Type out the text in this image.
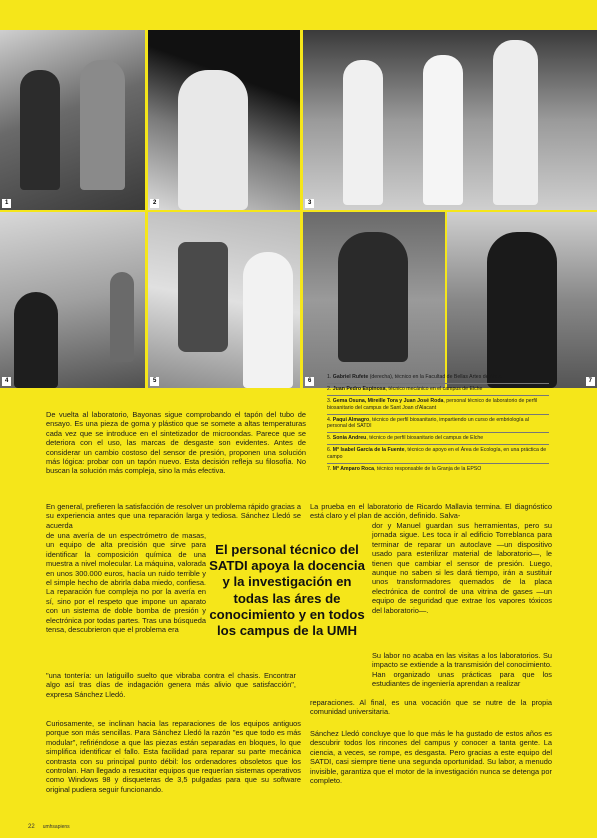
1	2	3
4	5	6	7
1. Gabriel Rufete (derecha), técnico en la Facultad de Bellas Artes de Altea
2. Juan Pedro Espinosa, técnico mecánico en el campus de Elche
3. Gema Osuna, Mireille Tora y Juan José Roda, personal técnico de laboratorio de perfil biosanitario del campus de Sant Joan d'Alacant
4. Paqui Almagro, técnico de perfil biosanitario, impartiendo un curso de embriología al personal del SATDI
5. Sonia Andreu, técnico de perfil biosanitario del campus de Elche
6. Mª Isabel García de la Fuente, técnico de apoyo en el Área de Ecología, en una práctica de campo
7. Mª Amparo Roca, técnico responsable de la Granja de la EPSO

De vuelta al laboratorio, Bayonas sigue comprobando el tapón del tubo de ensayo. Es una pieza de goma y plástico que se somete a altas temperaturas cada vez que se introduce en el sintetizador de microondas. Parece que se deteriora con el uso, las marcas de desgaste son evidentes. Antes de considerar un cambio costoso del sensor de presión, proponen una solución más lógica: probar con un tapón nuevo. Esta decisión refleja su filosofía. No buscan la solución más compleja, sino la más efectiva.

En general, prefieren la satisfacción de resolver un problema rápido gracias a su experiencia antes que una reparación larga y tediosa. Sánchez Lledó se acuerda

de una avería de un espectrómetro de masas, un equipo de alta precisión que sirve para identificar la composición química de una muestra a nivel molecular. La máquina, valorada en unos 300.000 euros, hacía un ruido terrible y el simple hecho de abrirla daba miedo, confiesa. La reparación fue compleja no por la avería en sí, sino por el respeto que impone un aparato con un sistema de doble bomba de presión y electrónica por todas partes. Tras una búsqueda tensa, descubrieron que el problema era

"una tontería: un latiguillo suelto que vibraba contra el chasis. Encontrar algo así tras días de indagación genera más alivio que satisfacción", expresa Sánchez Lledó.

Curiosamente, se inclinan hacia las reparaciones de los equipos antiguos porque son más sencillas. Para Sánchez Lledó la razón "es que todo es más modular", refiriéndose a que las piezas están separadas en bloques, lo que simplifica identificar el fallo. Esta facilidad para reparar su parte mecánica contrasta con su principal punto débil: los ordenadores obsoletos que los controlan. Han llegado a resucitar equipos que requerían sistemas operativos como Windows 98 y disqueteras de 3,5 pulgadas para que su software original pudiera seguir funcionando.

El personal técnico del SATDI apoya la docencia y la investigación en todas las áres de conocimiento y en todos los campus de la UMH

La prueba en el laboratorio de Ricardo Mallavia termina. El diagnóstico está claro y el plan de acción, definido. Salva-

dor y Manuel guardan sus herramientas, pero su jornada sigue. Les toca ir al edificio Torreblanca para terminar de reparar un autoclave —un dispositivo usado para esterilizar material de laboratorio—, le tienen que cambiar el sensor de presión. Luego, aunque no saben si les dará tiempo, irán a sustituir unos transformadores quemados de la placa electrónica de control de una vitrina de gases —un equipo de seguridad que extrae los vapores tóxicos del laboratorio—.

Su labor no acaba en las visitas a los laboratorios. Su impacto se extiende a la transmisión del conocimiento. Han organizado unas prácticas para que los estudiantes de ingeniería aprendan a realizar

reparaciones. Al final, es una vocación que se nutre de la propia comunidad universitaria.

Sánchez Lledó concluye que lo que más le ha gustado de estos años es descubrir todos los rincones del campus y conocer a tanta gente. La ciencia, a veces, se rompe, es desgasta. Pero gracias a este equipo del SATDI, casi siempre tiene una segunda oportunidad. Su labor, a menudo invisible, garantiza que el motor de la investigación nunca se detenga por completo.

22 umhsapiens
